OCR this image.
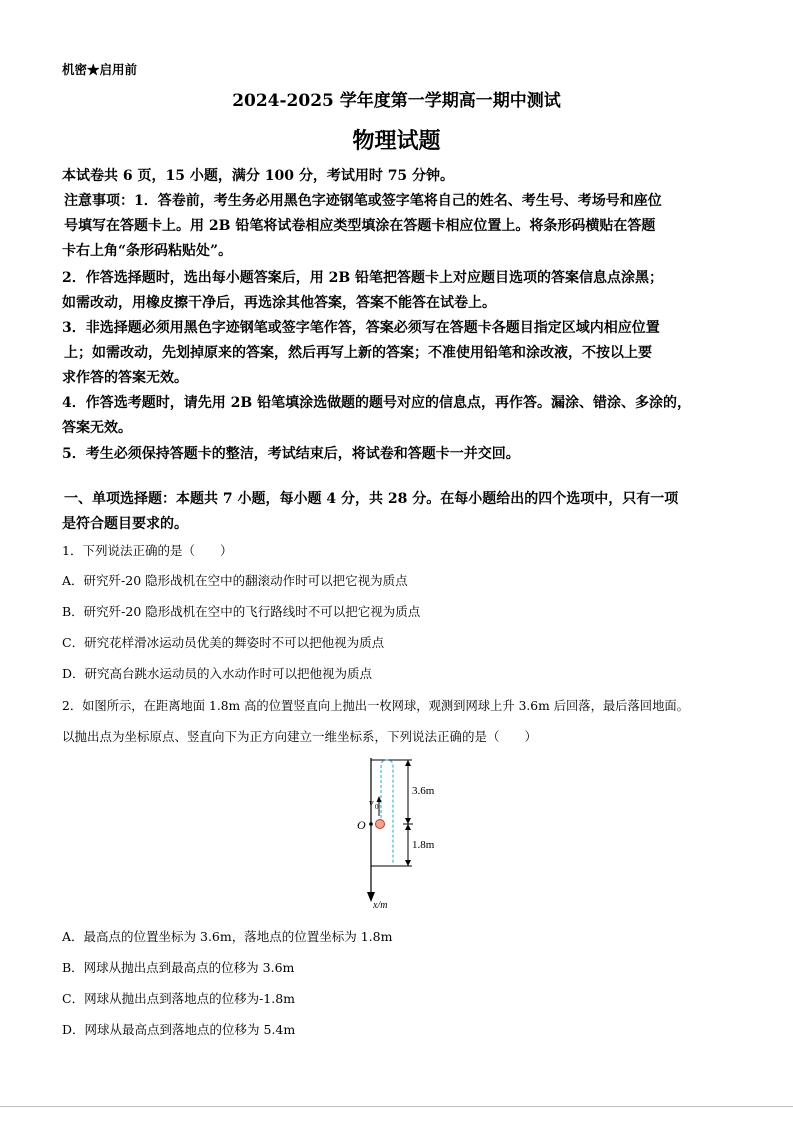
机密★启用前
2024-2025 学年度第一学期高一期中测试
物理试题
本试卷共 6 页，15 小题，满分 100 分，考试用时 75 分钟。
注意事项：1．答卷前，考生务必用黑色字迹钢笔或签字笔将自己的姓名、考生号、考场号和座位
号填写在答题卡上。用 2B 铅笔将试卷相应类型填涂在答题卡相应位置上。将条形码横贴在答题
卡右上角“条形码粘贴处”。
2．作答选择题时，选出每小题答案后，用 2B 铅笔把答题卡上对应题目选项的答案信息点涂黑；
如需改动，用橡皮擦干净后，再选涂其他答案，答案不能答在试卷上。
3．非选择题必须用黑色字迹钢笔或签字笔作答，答案必须写在答题卡各题目指定区域内相应位置
上；如需改动，先划掉原来的答案，然后再写上新的答案；不准使用铅笔和涂改液，不按以上要
求作答的答案无效。
4．作答选考题时，请先用 2B 铅笔填涂选做题的题号对应的信息点，再作答。漏涂、错涂、多涂的，
答案无效。
5．考生必须保持答题卡的整洁，考试结束后，将试卷和答题卡一并交回。
一、单项选择题：本题共 7 小题，每小题 4 分，共 28 分。在每小题给出的四个选项中，只有一项
是符合题目要求的。
1．下列说法正确的是（　　）
A．研究歼-20 隐形战机在空中的翻滚动作时可以把它视为质点
B．研究歼-20 隐形战机在空中的飞行路线时不可以把它视为质点
C．研究花样滑冰运动员优美的舞姿时不可以把他视为质点
D．研究高台跳水运动员的入水动作时可以把他视为质点
2．如图所示，在距离地面 1.8m 高的位置竖直向上抛出一枚网球，观测到网球上升 3.6m 后回落，最后落回地面。
以抛出点为坐标原点、竖直向下为正方向建立一维坐标系，下列说法正确的是（　　）
3.6m
1.8m
O
v 0
x/m
A．最高点的位置坐标为 3.6m，落地点的位置坐标为 1.8m
B．网球从抛出点到最高点的位移为 3.6m
C．网球从抛出点到落地点的位移为-1.8m
D．网球从最高点到落地点的位移为 5.4m
